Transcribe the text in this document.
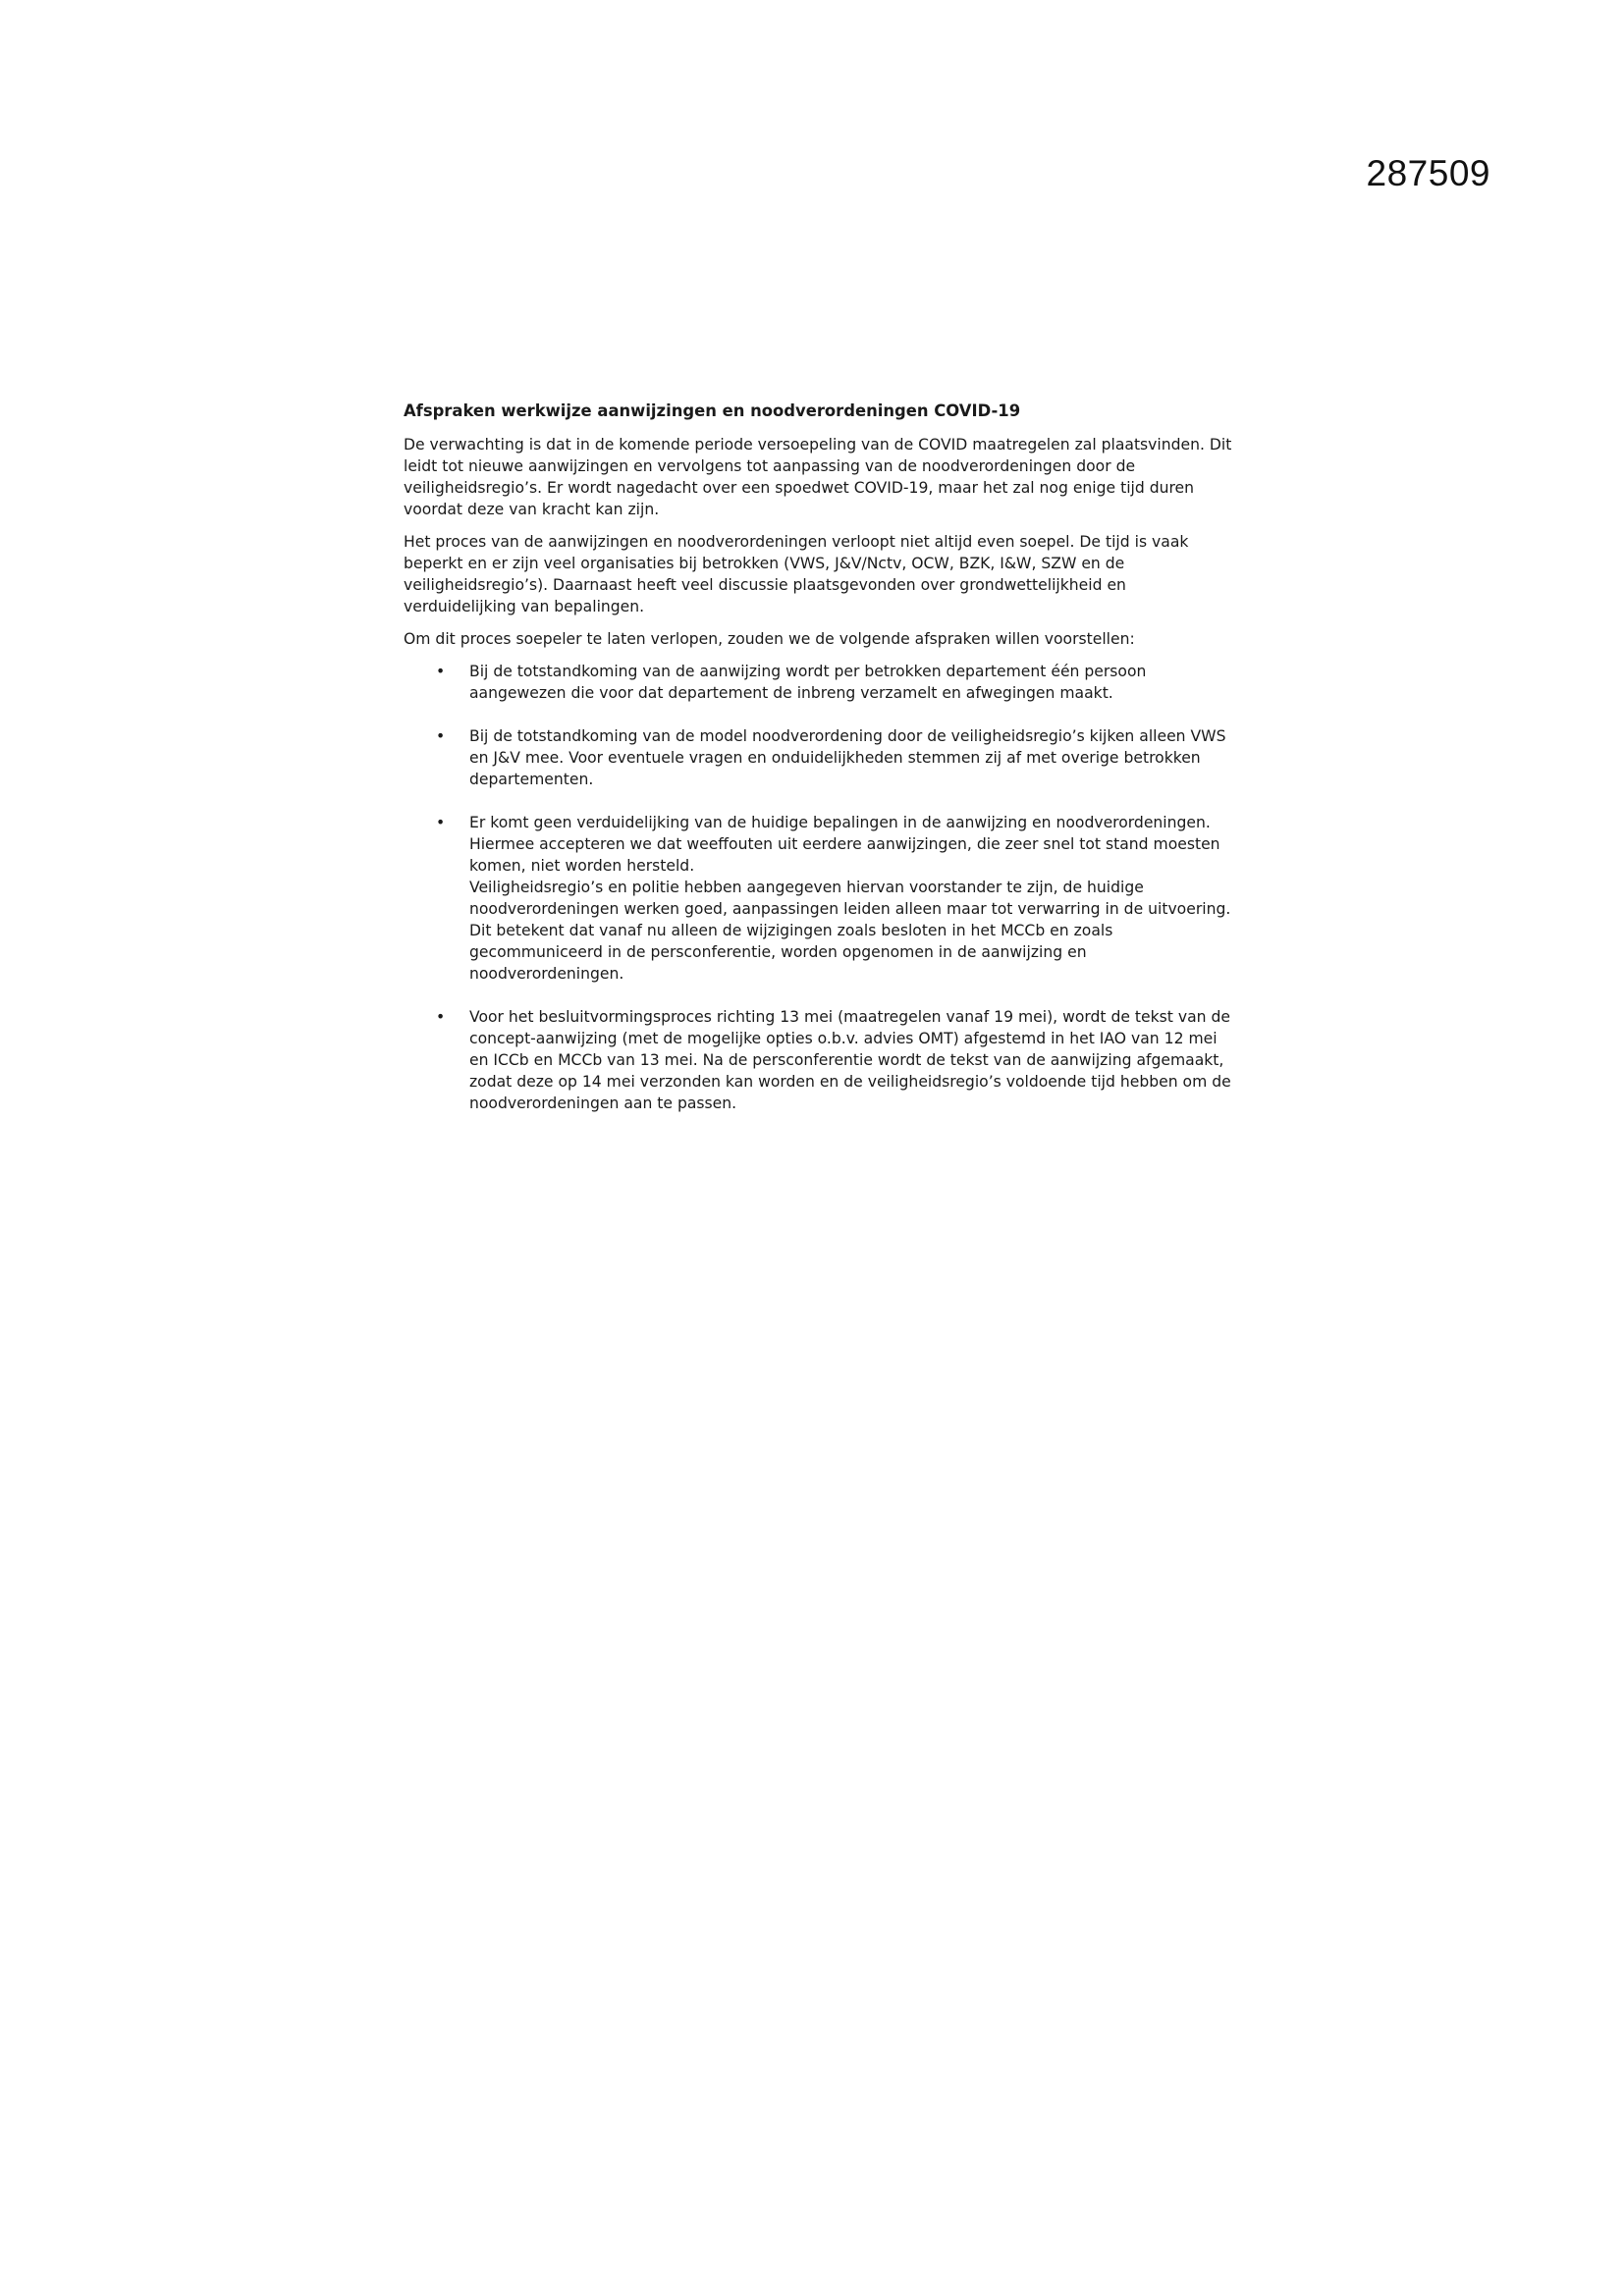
287509
Afspraken werkwijze aanwijzingen en noodverordeningen COVID-19

De verwachting is dat in de komende periode versoepeling van de COVID maatregelen zal plaatsvinden. Dit leidt tot nieuwe aanwijzingen en vervolgens tot aanpassing van de noodverordeningen door de veiligheidsregio’s. Er wordt nagedacht over een spoedwet COVID-19, maar het zal nog enige tijd duren voordat deze van kracht kan zijn.

Het proces van de aanwijzingen en noodverordeningen verloopt niet altijd even soepel. De tijd is vaak beperkt en er zijn veel organisaties bij betrokken (VWS, J&V/Nctv, OCW, BZK, I&W, SZW en de veiligheidsregio’s). Daarnaast heeft veel discussie plaatsgevonden over grondwettelijkheid en verduidelijking van bepalingen.

Om dit proces soepeler te laten verlopen, zouden we de volgende afspraken willen voorstellen:

• Bij de totstandkoming van de aanwijzing wordt per betrokken departement één persoon aangewezen die voor dat departement de inbreng verzamelt en afwegingen maakt.

• Bij de totstandkoming van de model noodverordening door de veiligheidsregio’s kijken alleen VWS en J&V mee. Voor eventuele vragen en onduidelijkheden stemmen zij af met overige betrokken departementen.

• Er komt geen verduidelijking van de huidige bepalingen in de aanwijzing en noodverordeningen. Hiermee accepteren we dat weeffouten uit eerdere aanwijzingen, die zeer snel tot stand moesten komen, niet worden hersteld.

Veiligheidsregio’s en politie hebben aangegeven hiervan voorstander te zijn, de huidige noodverordeningen werken goed, aanpassingen leiden alleen maar tot verwarring in de uitvoering.

Dit betekent dat vanaf nu alleen de wijzigingen zoals besloten in het MCCb en zoals gecommuniceerd in de persconferentie, worden opgenomen in de aanwijzing en noodverordeningen.

• Voor het besluitvormingsproces richting 13 mei (maatregelen vanaf 19 mei), wordt de tekst van de concept-aanwijzing (met de mogelijke opties o.b.v. advies OMT) afgestemd in het IAO van 12 mei en ICCb en MCCb van 13 mei. Na de persconferentie wordt de tekst van de aanwijzing afgemaakt, zodat deze op 14 mei verzonden kan worden en de veiligheidsregio’s voldoende tijd hebben om de noodverordeningen aan te passen.
